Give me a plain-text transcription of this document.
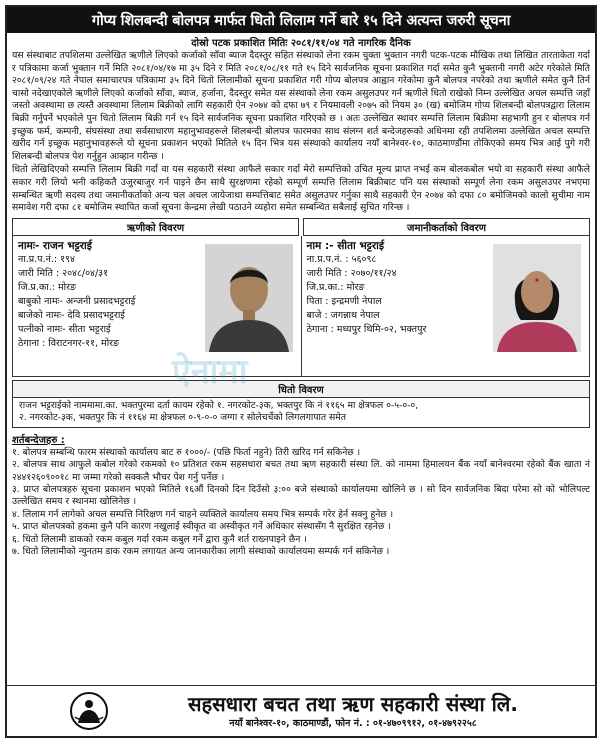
गोप्य शिलबन्दी बोलपत्र मार्फत धितो लिलाम गर्ने बारे १५ दिने अत्यन्त जरुरी सूचना
दोस्रो पटक प्रकाशित मितिः २०८१/११/०४ गते नागरिक दैनिक

यस संस्थाबाट तपशिलमा उल्लेखित ऋणीले लिएको कर्जाको साँवा ब्याज दैदस्तुर सहित संस्थाको लेना रकम चुक्ता भुक्तान नगरी पटक-पटक मौखिक तथा लिखित तारताकेता गर्दा र पत्रिकामा कर्जा भुक्तान गर्ने मिति २०८१/०४/१७ मा ३५ दिने र मिति २०८१/०८/११ गते १५ दिने सार्वजनिक सूचना प्रकाशित गर्दा समेत कुनै भुक्तानी नगरी अटेर गरेकोले मिति २०८१/०९/२४ गते नेपाल समाचारपत्र पत्रिकामा ३५ दिने धितो लिलामीको सूचना प्रकाशित गरी गोप्य बोलपत्र आह्वान गरेकोमा कुनै बोलपत्र नपरेको तथा ऋणीले समेत कुनै तिर्न चासो नदेखाएकोले ऋणीले लिएको कर्जाको साँवा, ब्याज, हर्जाना, दैदस्तुर समेत यस संस्थाको लेना रकम असुलउपर गर्न ऋणीले धितो राखेको निम्न उल्लेखित अचल सम्पत्ति जहाँ जस्तो अवस्थामा छ त्यस्तै अवस्थामा लिलाम बिक्रीको लागि सहकारी ऐन २०७४ को दफा ७९ र नियमावली २०७५ को नियम ३० (ख) बमोजिम गोप्य शिलबन्दी बोलपत्रद्वारा लिलाम बिक्री गर्नुपर्ने भएकोले पुन धितो लिलाम बिक्री गर्न १५ दिने सार्वजनिक सूचना प्रकाशित गरिएको छ । अतः उल्लेखित स्थावर सम्पत्ति लिलाम बिक्रीमा सहभागी हुन र बोलपत्र गर्न इच्छुक फर्म, कम्पनी, संघसंस्था तथा सर्वसाधारण महानुभावहरूले शिलबन्दी बोलपत्र फारमका साथ संलग्न शर्त बन्देजहरूको अधिनमा रही तपशिलमा उल्लेखित अचल सम्पत्ति खरीद गर्न इच्छुक महानुभावहरूले यो सूचना प्रकाशन भएको मितिले १५ दिन भित्र यस संस्थाको कार्यालय नयाँ बानेश्वर-१०, काठमाण्डौंमा तोकिएको समय भित्र आई पुगे गरी शिलबन्दी बोलपत्र पेश गर्नुहुन आव्हान गरीन्छ ।

धितो लेखिदिएको सम्पत्ति लिलाम बिक्री गर्दा वा यस सहकारी संस्था आफैले सकार गर्दा मेरो सम्पत्तिको उचित मूल्य प्राप्त नभई कम बोलकबोल भयो वा सहकारी संस्था आफैले सकार गरी लियो भनी कहिकतै उजुरबाजुर गर्न पाइने छैन साथै सुरक्षणमा रहेको सम्पूर्ण सम्पत्ति लिलाम बिक्रीबाट पनि यस संस्थाको सम्पूर्ण लेना रकम असुलउपर नभएमा सम्बन्धित ऋणी सदस्य तथा जमानीकर्ताको अन्य चल अचल जायेजाथा सम्पत्तिबाट समेत असुलउपर गर्नुका साथै सहकारी ऐन २०७४ को दफा ८० बमोजिमको कालो सुचीमा नाम समावेश गरी दफा ८१ बमोजिम स्थापित कर्जा सूचना केन्द्रमा लेखी पठाउने व्यहोरा समेत सम्बन्धित सबैलाई सुचित गरिन्छ ।

ऋणीको विवरण	जमानीकर्ताको विवरण
नामः- राजन भट्टराई
ना.प्र.प.नं.: १९४
जारी मिति : २०४८/०४/३१
जि.प्र.का.: मोरङ
बाबुको नामः- अन्जनी प्रसादभट्टराई
बाजेको नामः- देवि प्रसादभट्टराई
पत्नीको नामः- सीता भट्टराई
ठेगाना : विराटनगर-११, मोरङ
नाम :- सीता भट्टराई
ना.प्र.प.नं. : ५६०९८
जारी मिति : २०७०/११/२४
जि.प्र.का.: मोरङ
पिता : इन्द्रमणी नेपाल
बाजे : जगन्नाथ नेपाल
ठेगाना : मध्यपुर थिमि-०२, भक्तपुर
धितो विवरण
राजन भट्टराईको नाममामा.का. भक्तपुरमा दर्ता कायम रहेको १. नगरकोट-३क, भक्तपुर कि नं ११६५ मा क्षेत्रफल ०-५-०-०,
२. नगरकोट-३क, भक्तपुर कि नं ११६४ मा क्षेत्रफल ०-९-०-० जग्गा र सोलेचर्चेको लिगलगापात समेत
शर्तबन्देजहरु :
१. बोलपत्र सम्बन्धि फारम संस्थाको कार्यालय बाट रु १०००/- (पछि फिर्ता नहुने) तिरी खरिद गर्न सकिनेछ ।
२. बोलपत्र साथ आफुले कबोल गरेको रकमको १० प्रतिशत रकम सहसधारा बचत तथा ऋण सहकारी संस्था लि. को नाममा हिमालयन बैंक नयाँ बानेश्वरमा रहेको बैंक खाता नं २४४१२६०९००१८ मा जम्मा गरेको सक्कलै भौचर पेश गर्नु पर्नेछ ।
३. प्राप्त बोलपत्रहरु सूचना प्रकाशन भएको मितिले १६औं दिनको दिन दिउँसो ३:०० बजे संस्थाको कार्यालयमा खोलिने छ । सो दिन सार्वजनिक बिदा परेमा सो को भोलिपल्ट उल्लेखित समय र स्थानमा खोलिनेछ ।
४. लिलाम गर्न लागेको अचल सम्पत्ति निरिक्षण गर्न चाहने व्यक्तिले कार्यालय समय भित्र सम्पर्क गरेर हेर्न सक्नु हुनेछ ।
५. प्राप्त बोलपत्रको हकमा कुनै पनि कारण नखुलाई स्वीकृत वा अस्वीकृत गर्ने अधिकार संस्थासँग नै सुरक्षित रहनेछ ।
६. धितो लिलामी डाकको रकम कबुल गर्दा रकम कबुल गर्ने द्वारा कुनै शर्त राख्नपाइने छैन ।
७. धितो लिलामीको न्युनतम डाक रकम लगायत अन्य जानकारीका लागी संस्थाको कार्यालयमा सम्पर्क गर्न सकिनेछ ।
सहसधारा बचत तथा ऋण सहकारी संस्था लि.
नयाँ बानेश्वर-१०, काठमाण्डौं, फोन नं. : ०१-४७०९९१२, ०१-४७९२२५८
ऐनामा
